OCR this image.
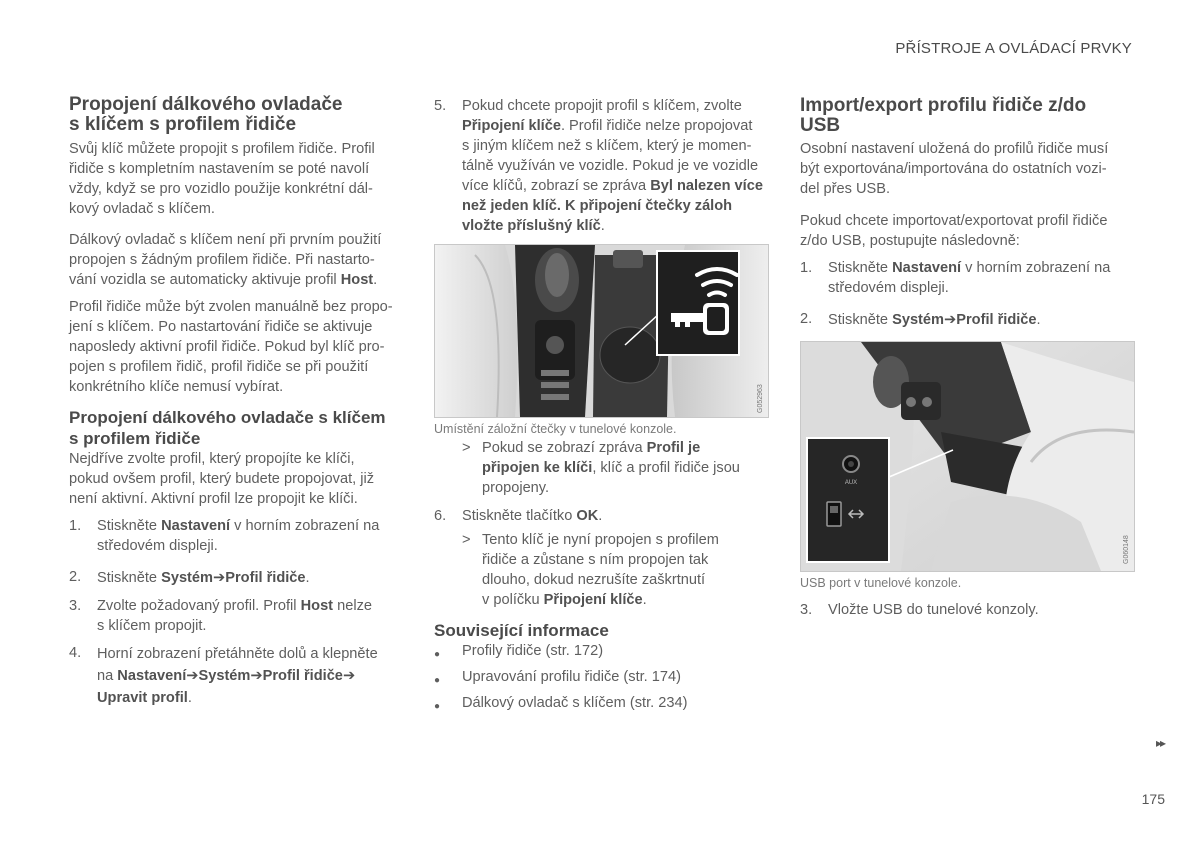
PŘÍSTROJE A OVLÁDACÍ PRVKY
Propojení dálkového ovladače
s klíčem s profilem řidiče

Svůj klíč můžete propojit s profilem řidiče. Profil
řidiče s kompletním nastavením se poté navolí
vždy, když se pro vozidlo použije konkrétní dál-
kový ovladač s klíčem.

Dálkový ovladač s klíčem není při prvním použití
propojen s žádným profilem řidiče. Při nastarto-
vání vozidla se automaticky aktivuje profil Host.

Profil řidiče může být zvolen manuálně bez propo-
jení s klíčem. Po nastartování řidiče se aktivuje
naposledy aktivní profil řidiče. Pokud byl klíč pro-
pojen s profilem řidič, profil řidiče se při použití
konkrétního klíče nemusí vybírat.

Propojení dálkového ovladače s klíčem
s profilem řidiče

Nejdříve zvolte profil, který propojíte ke klíči,
pokud ovšem profil, který budete propojovat, již
není aktivní. Aktivní profil lze propojit ke klíči.

1. Stiskněte Nastavení v horním zobrazení na
středovém displeji.
2. Stiskněte Systém➔Profil řidiče.
3. Zvolte požadovaný profil. Profil Host nelze
s klíčem propojit.
4. Horní zobrazení přetáhněte dolů a klepněte
na Nastavení➔Systém➔Profil řidiče➔
Upravit profil.
5. Pokud chcete propojit profil s klíčem, zvolte
Připojení klíče. Profil řidiče nelze propojovat
s jiným klíčem než s klíčem, který je momen-
tálně využíván ve vozidle. Pokud je ve vozidle
více klíčů, zobrazí se zpráva Byl nalezen více
než jeden klíč. K připojení čtečky záloh
vložte příslušný klíč.
G052963
Umístění záložní čtečky v tunelové konzole.
> Pokud se zobrazí zpráva Profil je
připojen ke klíči, klíč a profil řidiče jsou
propojeny.
6. Stiskněte tlačítko OK.
> Tento klíč je nyní propojen s profilem
řidiče a zůstane s ním propojen tak
dlouho, dokud nezrušíte zaškrtnutí
v políčku Připojení klíče.
Související informace
● Profily řidiče (str. 172)
● Upravování profilu řidiče (str. 174)
● Dálkový ovladač s klíčem (str. 234)
Import/export profilu řidiče z/do
USB

Osobní nastavení uložená do profilů řidiče musí
být exportována/importována do ostatních vozi-
del přes USB.

Pokud chcete importovat/exportovat profil řidiče
z/do USB, postupujte následovně:

1. Stiskněte Nastavení v horním zobrazení na
středovém displeji.
2. Stiskněte Systém➔Profil řidiče.
AUX
G060148
USB port v tunelové konzole.
3. Vložte USB do tunelové konzoly.
▸▸
175
